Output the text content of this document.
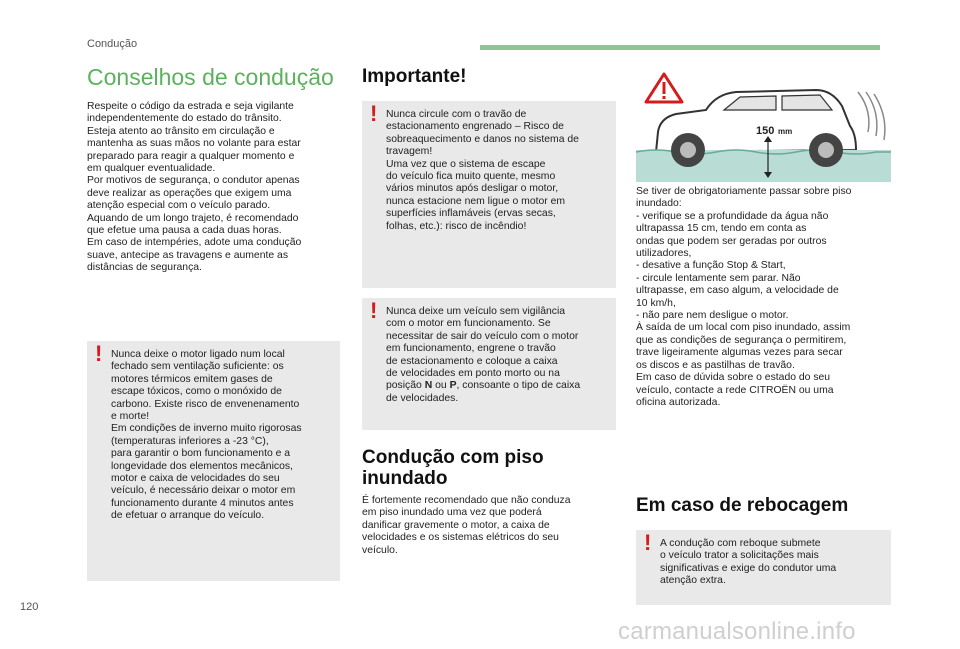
Condução
Conselhos de condução
Respeite o código da estrada e seja vigilante
independentemente do estado do trânsito.
Esteja atento ao trânsito em circulação e
mantenha as suas mãos no volante para estar
preparado para reagir a qualquer momento e
em qualquer eventualidade.
Por motivos de segurança, o condutor apenas
deve realizar as operações que exigem uma
atenção especial com o veículo parado.
Aquando de um longo trajeto, é recomendado
que efetue uma pausa a cada duas horas.
Em caso de intempéries, adote uma condução
suave, antecipe as travagens e aumente as
distâncias de segurança.
! Nunca deixe o motor ligado num local
fechado sem ventilação suficiente: os
motores térmicos emitem gases de
escape tóxicos, como o monóxido de
carbono. Existe risco de envenenamento
e morte!
Em condições de inverno muito rigorosas
(temperaturas inferiores a -23 °C),
para garantir o bom funcionamento e a
longevidade dos elementos mecânicos,
motor e caixa de velocidades do seu
veículo, é necessário deixar o motor em
funcionamento durante 4 minutos antes
de efetuar o arranque do veículo.
Importante!
! Nunca circule com o travão de
estacionamento engrenado – Risco de
sobreaquecimento e danos no sistema de
travagem!
Uma vez que o sistema de escape
do veículo fica muito quente, mesmo
vários minutos após desligar o motor,
nunca estacione nem ligue o motor em
superfícies inflamáveis (ervas secas,
folhas, etc.): risco de incêndio!
! Nunca deixe um veículo sem vigilância
com o motor em funcionamento. Se
necessitar de sair do veículo com o motor
em funcionamento, engrene o travão
de estacionamento e coloque a caixa
de velocidades em ponto morto ou na
posição N ou P, consoante o tipo de caixa
de velocidades.
Condução com piso
inundado
É fortemente recomendado que não conduza
em piso inundado uma vez que poderá
danificar gravemente o motor, a caixa de
velocidades e os sistemas elétricos do seu
veículo.
150 mm
Se tiver de obrigatoriamente passar sobre piso
inundado:
- verifique se a profundidade da água não
ultrapassa 15 cm, tendo em conta as
ondas que podem ser geradas por outros
utilizadores,
- desative a função Stop & Start,
- circule lentamente sem parar. Não
ultrapasse, em caso algum, a velocidade de
10 km/h,
- não pare nem desligue o motor.
À saída de um local com piso inundado, assim
que as condições de segurança o permitirem,
trave ligeiramente algumas vezes para secar
os discos e as pastilhas de travão.
Em caso de dúvida sobre o estado do seu
veículo, contacte a rede CITROËN ou uma
oficina autorizada.
Em caso de rebocagem
! A condução com reboque submete
o veículo trator a solicitações mais
significativas e exige do condutor uma
atenção extra.
120
carmanualsonline.info
